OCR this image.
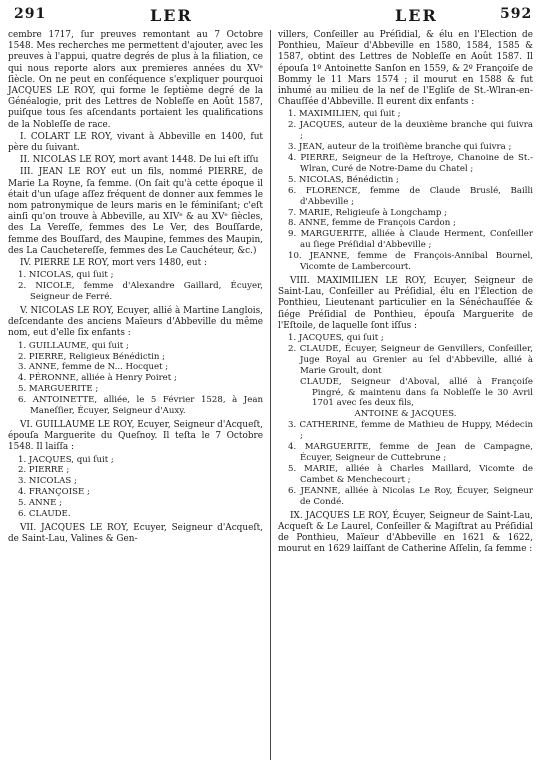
291	LER	LER	592

cembre 1717, ſur preuves remontant au 7 Octobre 1548. Mes recherches me permettent d'ajouter, avec les preuves à l'appui, quatre degrés de plus à la filiation, ce qui nous reporte alors aux premieres années du XVᵉ ſiècle. On ne peut en conſéquence s'expliquer pourquoi JACQUES LE ROY, qui forme le ſeptième degré de la Généalogie, prit des Lettres de Nobleſſe en Août 1587, puiſque tous ſes aſcendants portaient les qualifications de la Nobleſſe de race.

I. COLART LE ROY, vivant à Abbeville en 1400, fut père du ſuivant.

II. NICOLAS LE ROY, mort avant 1448. De lui eſt iſſu

III. JEAN LE ROY eut un fils, nommé PIERRE, de Marie La Royne, ſa femme. (On ſait qu'à cette époque il était d'un uſage aſſez fréquent de donner aux femmes le nom patronymique de leurs maris en le féminiſant; c'eſt ainſi qu'on trouve à Abbeville, au XIVᵉ & au XVᵉ ſiècles, des La Vereſſe, femmes des Le Ver, des Bouſſarde, femme des Bouſſard, des Maupine, femmes des Maupin, des La Cauchetereſſe, femmes des Le Cauchéteur, &c.)

IV. PIERRE LE ROY, mort vers 1480, eut :

1. NICOLAS, qui ſuit ;
2. NICOLE, femme d'Alexandre Gaillard, Écuyer, Seigneur de Ferré.

V. NICOLAS LE ROY, Ecuyer, allié à Martine Langlois, deſcendante des anciens Maïeurs d'Abbeville du même nom, eut d'elle ſix enfants :

1. GUILLAUME, qui ſuit ;
2. PIERRE, Religieux Bénédictin ;
3. ANNE, femme de N... Hocquet ;
4. PÉRONNE, alliée à Henry Poiret ;
5. MARGUERITE ;
6. ANTOINETTE, alliée, le 5 Février 1528, à Jean Maneſſier, Écuyer, Seigneur d'Auxy.

VI. GUILLAUME LE ROY, Ecuyer, Seigneur d'Acqueſt, épouſa Marguerite du Queſnoy. Il teſta le 7 Octobre 1548. Il laiſſa :

1. JACQUES, qui ſuit ;
2. PIERRE ;
3. NICOLAS ;
4. FRANÇOISE ;
5. ANNE ;
6. CLAUDE.

VII. JACQUES LE ROY, Ecuyer, Seigneur d'Acqueſt, de Saint-Lau, Valines & Gen-

villers, Conſeiller au Préſidial, & élu en l'Election de Ponthieu, Maïeur d'Abbeville en 1580, 1584, 1585 & 1587, obtint des Lettres de Nobleſſe en Août 1587. Il épouſa 1º Antoinette Sanſon en 1559, & 2º Françoiſe de Bommy le 11 Mars 1574 ; il mourut en 1588 & fut inhumé au milieu de la nef de l'Egliſe de St.-Wlran-en-Chauſſée d'Abbeville. Il eurent dix enfants :

1. MAXIMILIEN, qui ſuit ;
2. JACQUES, auteur de la deuxième branche qui ſuivra ;
3. JEAN, auteur de la troiſième branche qui ſuivra ;
4. PIERRE, Seigneur de la Heſtroye, Chanoine de St.-Wlran, Curé de Notre-Dame du Chatel ;
5. NICOLAS, Bénédictin ;
6. FLORENCE, femme de Claude Bruslé, Bailli d'Abbeville ;
7. MARIE, Religieuſe à Longchamp ;
8. ANNE, femme de François Cardon ;
9. MARGUERITE, alliée à Claude Herment, Conſeiller au ſiege Préſidial d'Abbeville ;
10. JEANNE, femme de François-Annibal Bournel, Vicomte de Lambercourt.

VIII. MAXIMILIEN LE ROY, Ecuyer, Seigneur de Saint-Lau, Conſeiller au Préſidial, élu en l'Élection de Ponthieu, Lieutenant particulier en la Sénéchauſſée & ſiége Préſidial de Ponthieu, épouſa Marguerite de l'Eſtoile, de laquelle ſont iſſus :

1. JACQUES, qui ſuit ;
2. CLAUDE, Écuyer, Seigneur de Genvillers, Conſeiller, Juge Royal au Grenier au ſel d'Abbeville, allié à Marie Groult, dont
CLAUDE, Seigneur d'Aboval, allié à Françoiſe Pingré, & maintenu dans ſa Nobleſſe le 30 Avril 1701 avec ſes deux fils,
ANTOINE & JACQUES.
3. CATHERINE, femme de Mathieu de Huppy, Médecin ;
4. MARGUERITE, femme de Jean de Campagne, Écuyer, Seigneur de Cuttebrune ;
5. MARIE, alliée à Charles Maillard, Vicomte de Cambet & Menchecourt ;
6. JEANNE, alliée à Nicolas Le Roy, Écuyer, Seigneur de Condé.

IX. JACQUES LE ROY, Écuyer, Seigneur de Saint-Lau, Acqueſt & Le Laurel, Conſeiller & Magiſtrat au Préſidial de Ponthieu, Maïeur d'Abbeville en 1621 & 1622, mourut en 1629 laiſſant de Catherine Aſſelin, ſa femme :
